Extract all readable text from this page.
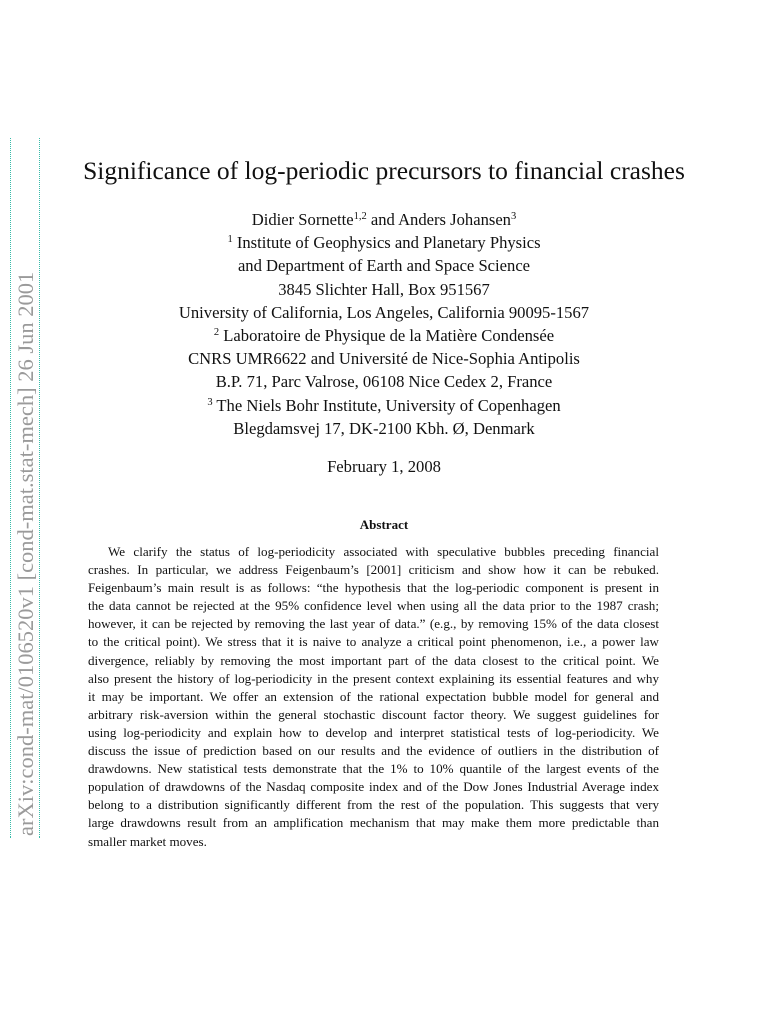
arXiv:cond-mat/0106520v1 [cond-mat.stat-mech] 26 Jun 2001
Significance of log-periodic precursors to financial crashes
Didier Sornette$^{1,2}$ and Anders Johansen$^3$
$^1$ Institute of Geophysics and Planetary Physics
and Department of Earth and Space Science
3845 Slichter Hall, Box 951567
University of California, Los Angeles, California 90095-1567
$^2$ Laboratoire de Physique de la Matière Condensée
CNRS UMR6622 and Université de Nice-Sophia Antipolis
B.P. 71, Parc Valrose, 06108 Nice Cedex 2, France
$^3$ The Niels Bohr Institute, University of Copenhagen
Blegdamsvej 17, DK-2100 Kbh. Ø, Denmark
February 1, 2008
Abstract
We clarify the status of log-periodicity associated with speculative bubbles preceding financial
crashes. In particular, we address Feigenbaum’s [2001] criticism and show how it can be rebuked.
Feigenbaum’s main result is as follows: “the hypothesis that the log-periodic component is present in
the data cannot be rejected at the 95% confidence level when using all the data prior to the 1987 crash;
however, it can be rejected by removing the last year of data.” (e.g., by removing 15% of the data closest
to the critical point). We stress that it is naive to analyze a critical point phenomenon, i.e., a power law
divergence, reliably by removing the most important part of the data closest to the critical point. We
also present the history of log-periodicity in the present context explaining its essential features and why
it may be important. We offer an extension of the rational expectation bubble model for general and
arbitrary risk-aversion within the general stochastic discount factor theory. We suggest guidelines for
using log-periodicity and explain how to develop and interpret statistical tests of log-periodicity. We
discuss the issue of prediction based on our results and the evidence of outliers in the distribution of
drawdowns. New statistical tests demonstrate that the 1% to 10% quantile of the largest events of the
population of drawdowns of the Nasdaq composite index and of the Dow Jones Industrial Average index
belong to a distribution significantly different from the rest of the population. This suggests that very
large drawdowns result from an amplification mechanism that may make them more predictable than
smaller market moves.
